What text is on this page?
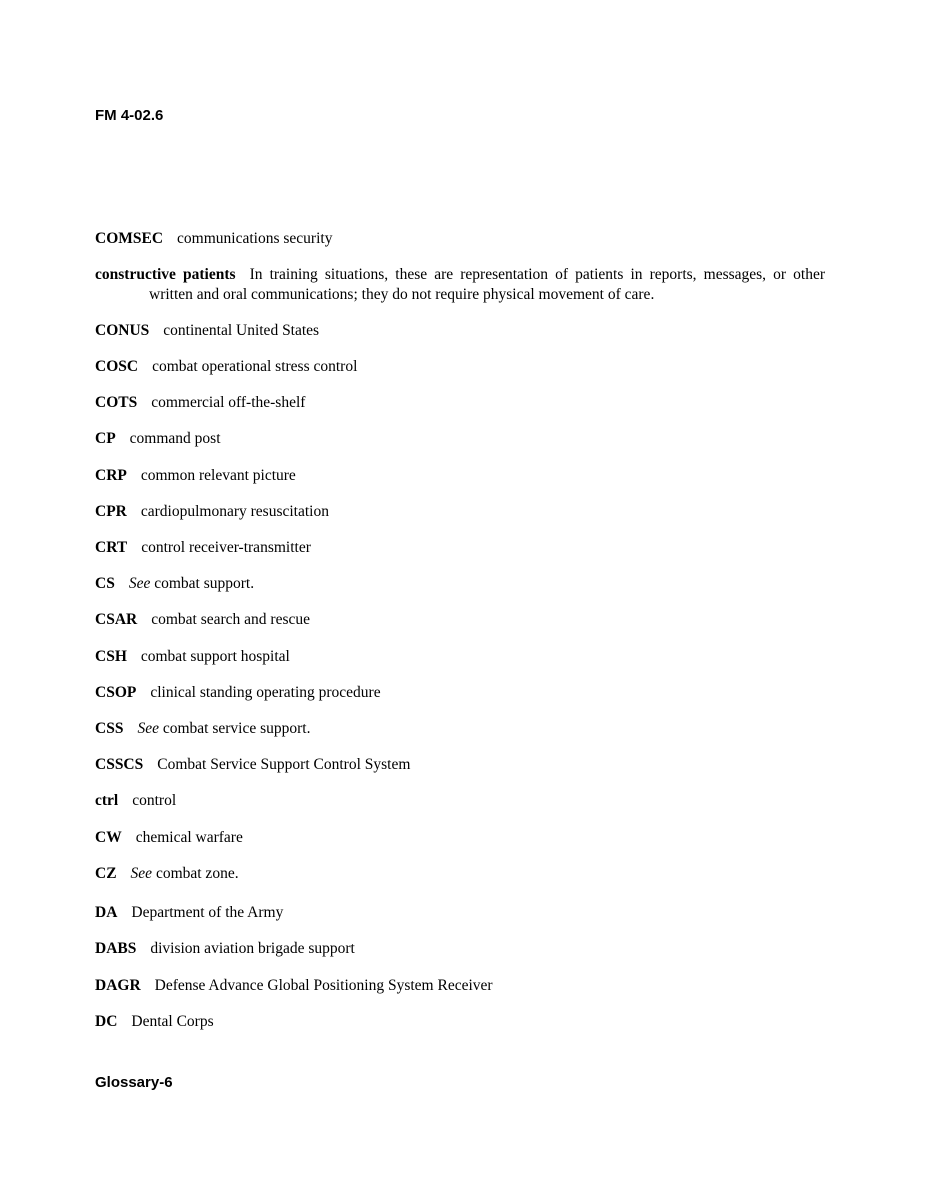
FM 4-02.6

COMSEC communications security

constructive patients In training situations, these are representation of patients in reports, messages, or other written and oral communications; they do not require physical movement of care.

CONUS continental United States

COSC combat operational stress control

COTS commercial off-the-shelf

CP command post

CRP common relevant picture

CPR cardiopulmonary resuscitation

CRT control receiver-transmitter

CS See combat support.

CSAR combat search and rescue

CSH combat support hospital

CSOP clinical standing operating procedure

CSS See combat service support.

CSSCS Combat Service Support Control System

ctrl control

CW chemical warfare

CZ See combat zone.

DA Department of the Army

DABS division aviation brigade support

DAGR Defense Advance Global Positioning System Receiver

DC Dental Corps

Glossary-6
